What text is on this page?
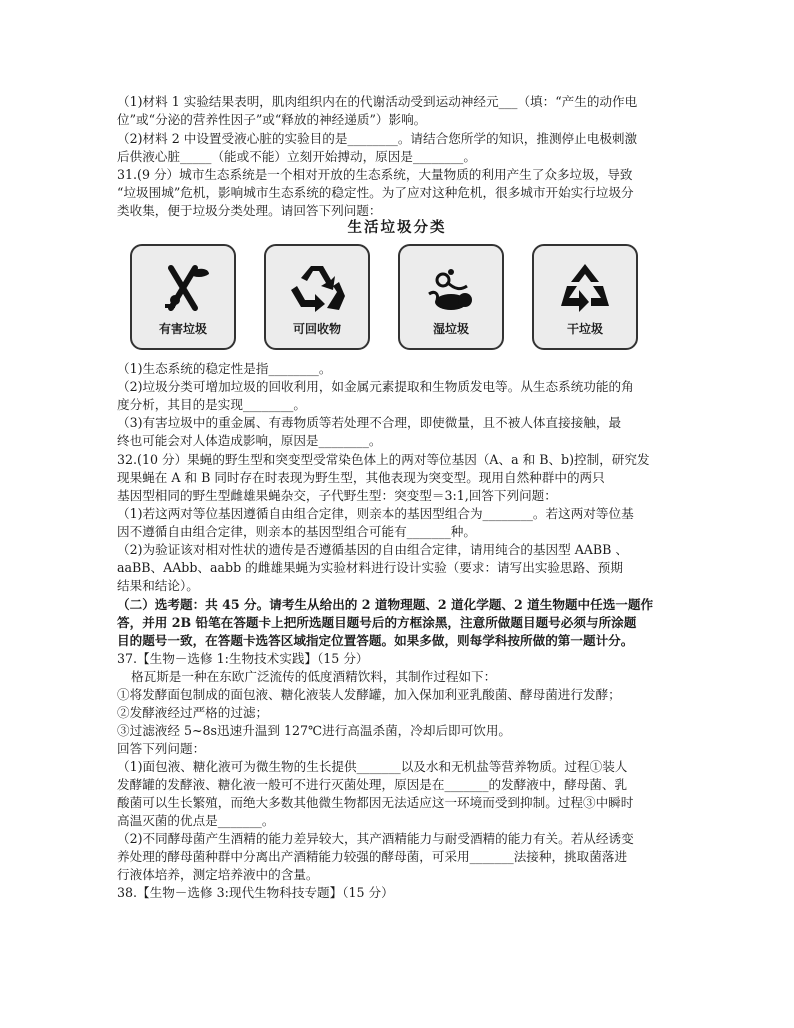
（1)材料 1 实验结果表明，肌肉组织内在的代谢活动受到运动神经元___（填：“产生的动作电
位”或“分泌的营养性因子”或“释放的神经递质”）影响。
（2)材料 2 中设置受液心脏的实验目的是________。请结合您所学的知识，推测停止电极刺激
后供液心脏_____（能或不能）立刻开始搏动，原因是________。
31.(9 分）城市生态系统是一个相对开放的生态系统，大量物质的利用产生了众多垃圾，导致
“垃圾围城”危机，影响城市生态系统的稳定性。为了应对这种危机，很多城市开始实行垃圾分
类收集，便于垃圾分类处理。请回答下列问题：
生活垃圾分类
有害垃圾	可回收物	湿垃圾	干垃圾
（1)生态系统的稳定性是指________。
（2)垃圾分类可增加垃圾的回收利用，如金属元素提取和生物质发电等。从生态系统功能的角
度分析，其目的是实现________。
（3)有害垃圾中的重金属、有毒物质等若处理不合理，即使微量，且不被人体直接接触，最
终也可能会对人体造成影响，原因是________。
32.(10 分）果蝇的野生型和突变型受常染色体上的两对等位基因（A、a 和 B、b)控制，研究发
现果蝇在 A 和 B 同时存在时表现为野生型，其他表现为突变型。现用自然种群中的两只
基因型相同的野生型雌雄果蝇杂交，子代野生型：突变型＝3:1,回答下列问题：
（1)若这两对等位基因遵循自由组合定律，则亲本的基因型组合为________。若这两对等位基
因不遵循自由组合定律，则亲本的基因型组合可能有_______种。
（2)为验证该对相对性状的遗传是否遵循基因的自由组合定律，请用纯合的基因型 AABB 、
aaBB、AAbb、aabb 的雌雄果蝇为实验材料进行设计实验（要求：请写出实验思路、预期
结果和结论）。
（二）选考题：共 45 分。请考生从给出的 2 道物理题、2 道化学题、2 道生物题中任选一题作
答，并用 2B 铅笔在答题卡上把所选题目题号后的方框涂黑，注意所做题目题号必须与所涂题
目的题号一致，在答题卡选答区域指定位置答题。如果多做，则每学科按所做的第一题计分。
37.【生物－选修 1:生物技术实践】（15 分）
格瓦斯是一种在东欧广泛流传的低度酒精饮料，其制作过程如下：
①将发酵面包制成的面包液、糖化液装人发酵罐，加入保加利亚乳酸菌、酵母菌进行发酵；
②发酵液经过严格的过滤；
③过滤液经 5~8s迅速升温到 127℃进行高温杀菌，冷却后即可饮用。
回答下列问题：
（1)面包液、糖化液可为微生物的生长提供_______以及水和无机盐等营养物质。过程①装人
发酵罐的发酵液、糖化液一般可不进行灭菌处理，原因是在_______的发酵液中，酵母菌、乳
酸菌可以生长繁殖，而绝大多数其他微生物都因无法适应这一环境而受到抑制。过程③中瞬时
高温灭菌的优点是_______。
（2)不同酵母菌产生酒精的能力差异较大，其产酒精能力与耐受酒精的能力有关。若从经诱变
养处理的酵母菌种群中分离出产酒精能力较强的酵母菌，可采用_______法接种，挑取菌落进
行液体培养，测定培养液中的含量。
38.【生物－选修 3:现代生物科技专题】（15 分）
